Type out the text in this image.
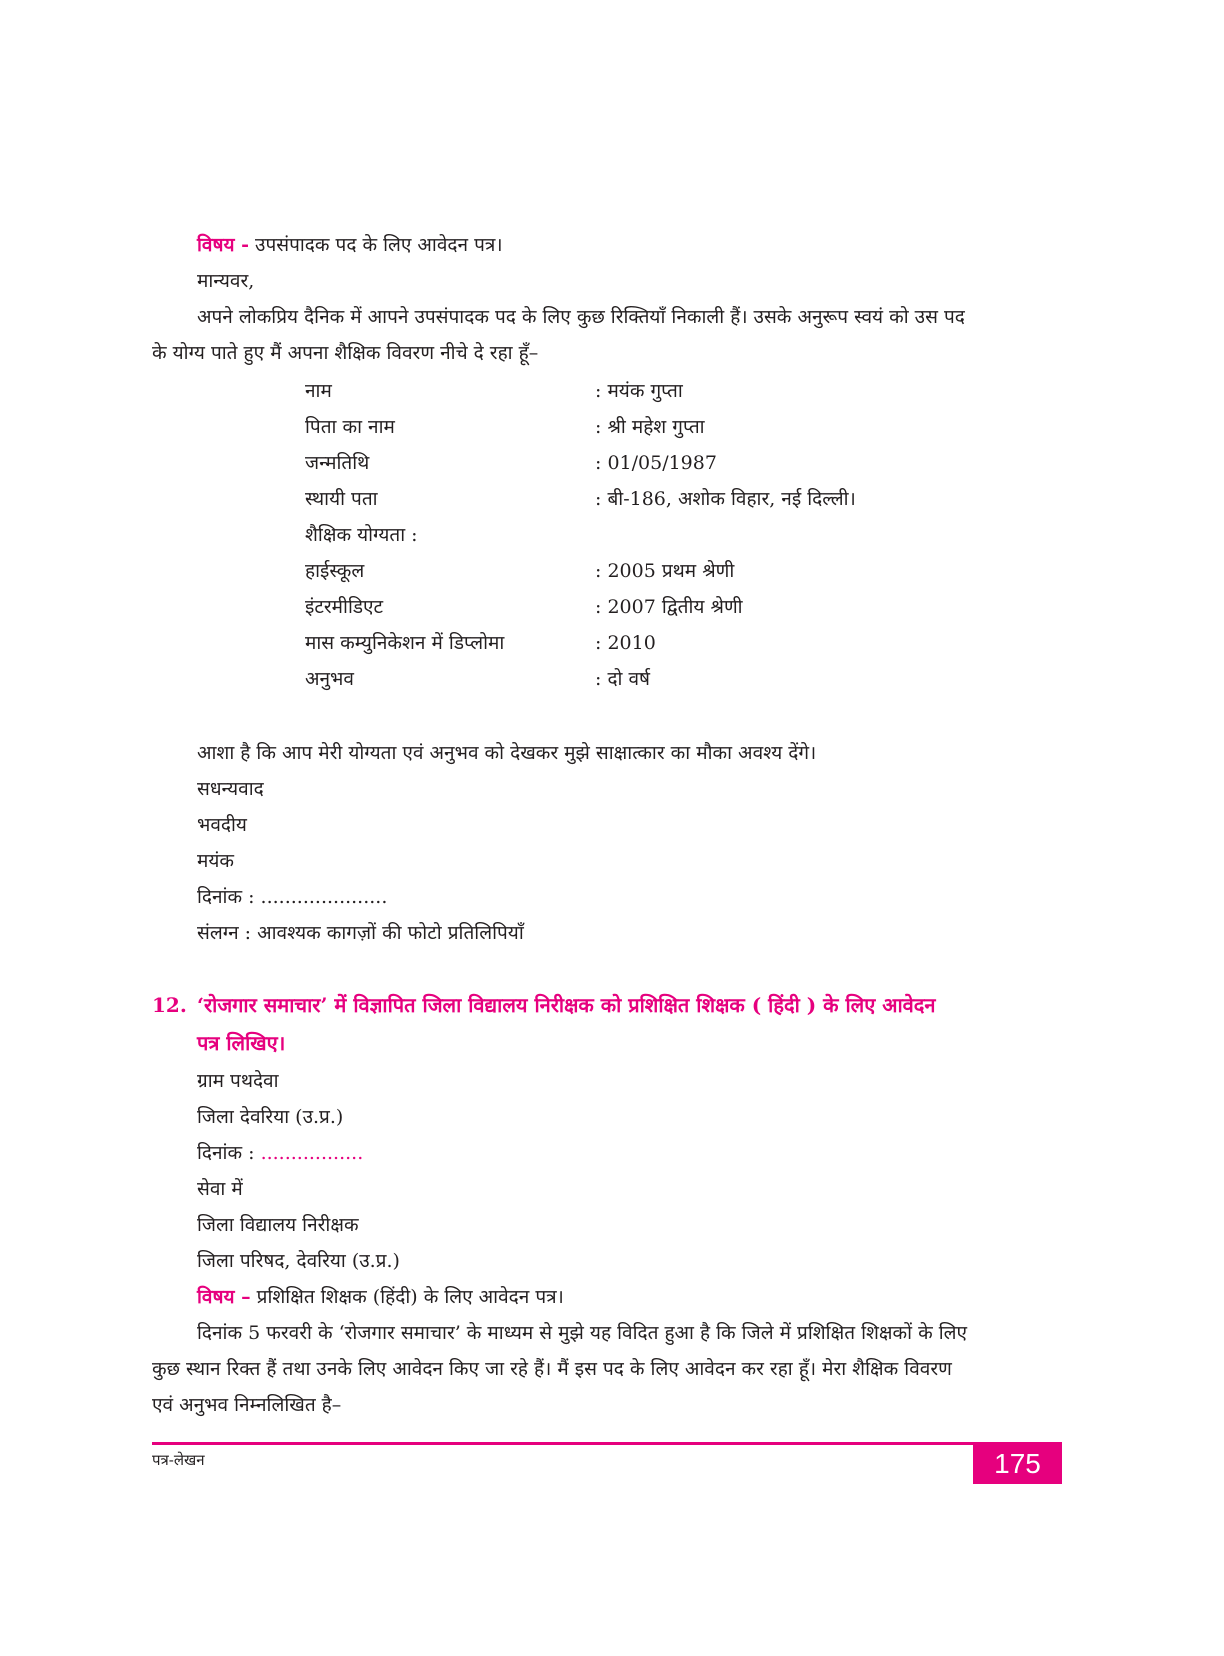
विषय - उपसंपादक पद के लिए आवेदन पत्र।
मान्यवर,
अपने लोकप्रिय दैनिक में आपने उपसंपादक पद के लिए कुछ रिक्तियाँ निकाली हैं। उसके अनुरूप स्वयं को उस पद
के योग्य पाते हुए मैं अपना शैक्षिक विवरण नीचे दे रहा हूँ–
नाम	: मयंक गुप्ता
पिता का नाम	: श्री महेश गुप्ता
जन्मतिथि	: 01/05/1987
स्थायी पता	: बी-186, अशोक विहार, नई दिल्ली।
शैक्षिक योग्यता :
हाईस्कूल	: 2005 प्रथम श्रेणी
इंटरमीडिएट	: 2007 द्वितीय श्रेणी
मास कम्युनिकेशन में डिप्लोमा	: 2010
अनुभव	: दो वर्ष
आशा है कि आप मेरी योग्यता एवं अनुभव को देखकर मुझे साक्षात्कार का मौका अवश्य देंगे।
सधन्यवाद
भवदीय
मयंक
दिनांक : .....................
संलग्न : आवश्यक कागज़ों की फोटो प्रतिलिपियाँ
12. ‘रोजगार समाचार’ में विज्ञापित जिला विद्यालय निरीक्षक को प्रशिक्षित शिक्षक ( हिंदी ) के लिए आवेदन
पत्र लिखिए।
ग्राम पथदेवा
जिला देवरिया (उ.प्र.)
दिनांक : .................
सेवा में
जिला विद्यालय निरीक्षक
जिला परिषद, देवरिया (उ.प्र.)
विषय – प्रशिक्षित शिक्षक (हिंदी) के लिए आवेदन पत्र।
दिनांक 5 फरवरी के ‘रोजगार समाचार’ के माध्यम से मुझे यह विदित हुआ है कि जिले में प्रशिक्षित शिक्षकों के लिए
कुछ स्थान रिक्त हैं तथा उनके लिए आवेदन किए जा रहे हैं। मैं इस पद के लिए आवेदन कर रहा हूँ। मेरा शैक्षिक विवरण
एवं अनुभव निम्नलिखित है–
पत्र-लेखन	175
